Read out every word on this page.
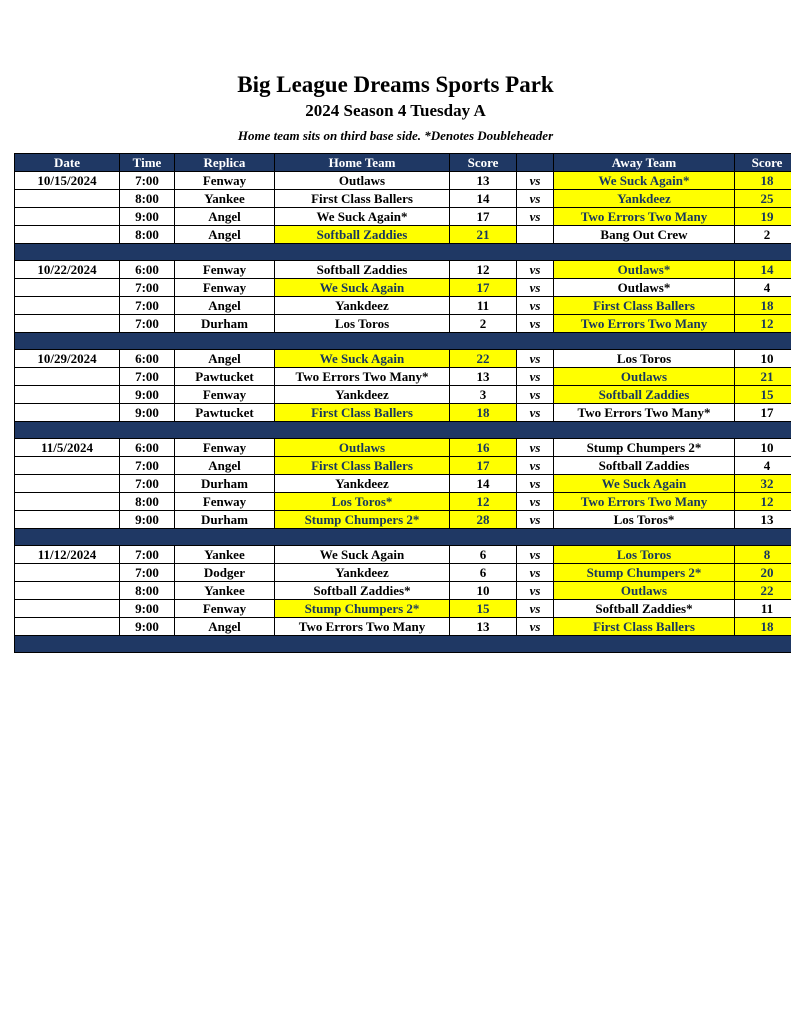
Big League Dreams Sports Park
2024 Season 4 Tuesday A
Home team sits on third base side. *Denotes Doubleheader
Date	Time	Replica	Home Team	Score		Away Team	Score
10/15/2024	7:00	Fenway	Outlaws	13	vs	We Suck Again*	18
	8:00	Yankee	First Class Ballers	14	vs	Yankdeez	25
	9:00	Angel	We Suck Again*	17	vs	Two Errors Two Many	19
	8:00	Angel	Softball Zaddies	21		Bang Out Crew	2

10/22/2024	6:00	Fenway	Softball Zaddies	12	vs	Outlaws*	14
	7:00	Fenway	We Suck Again	17	vs	Outlaws*	4
	7:00	Angel	Yankdeez	11	vs	First Class Ballers	18
	7:00	Durham	Los Toros	2	vs	Two Errors Two Many	12

10/29/2024	6:00	Angel	We Suck Again	22	vs	Los Toros	10
	7:00	Pawtucket	Two Errors Two Many*	13	vs	Outlaws	21
	9:00	Fenway	Yankdeez	3	vs	Softball Zaddies	15
	9:00	Pawtucket	First Class Ballers	18	vs	Two Errors Two Many*	17

11/5/2024	6:00	Fenway	Outlaws	16	vs	Stump Chumpers 2*	10
	7:00	Angel	First Class Ballers	17	vs	Softball Zaddies	4
	7:00	Durham	Yankdeez	14	vs	We Suck Again	32
	8:00	Fenway	Los Toros*	12	vs	Two Errors Two Many	12
	9:00	Durham	Stump Chumpers 2*	28	vs	Los Toros*	13

11/12/2024	7:00	Yankee	We Suck Again	6	vs	Los Toros	8
	7:00	Dodger	Yankdeez	6	vs	Stump Chumpers 2*	20
	8:00	Yankee	Softball Zaddies*	10	vs	Outlaws	22
	9:00	Fenway	Stump Chumpers 2*	15	vs	Softball Zaddies*	11
	9:00	Angel	Two Errors Two Many	13	vs	First Class Ballers	18
